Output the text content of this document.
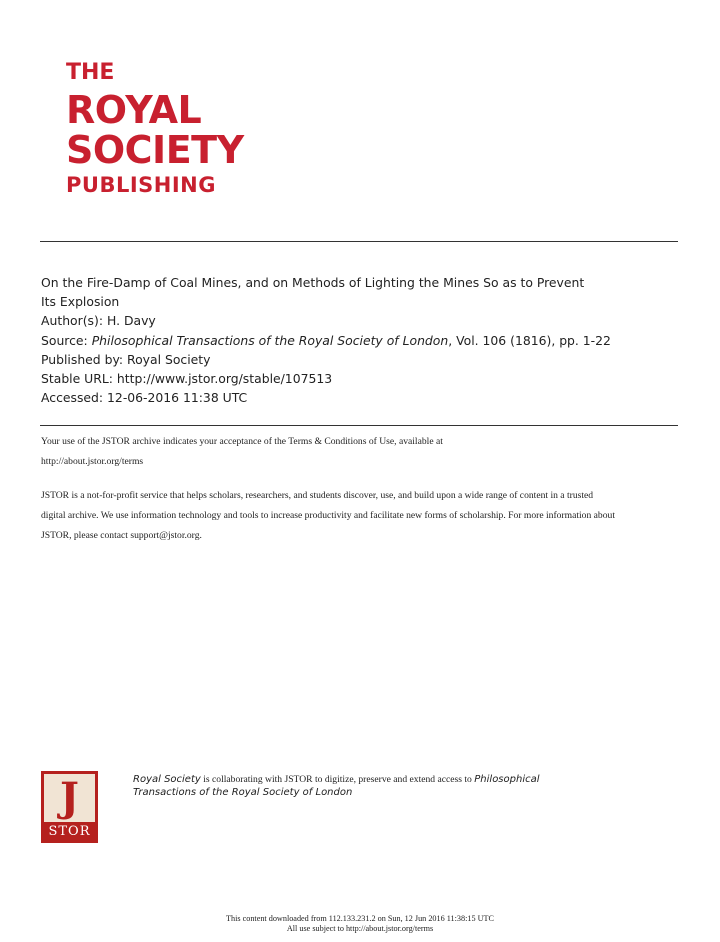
THE
ROYAL
SOCIETY
PUBLISHING
On the Fire-Damp of Coal Mines, and on Methods of Lighting the Mines So as to Prevent
Its Explosion
Author(s): H. Davy
Source: Philosophical Transactions of the Royal Society of London, Vol. 106 (1816), pp. 1-22
Published by: Royal Society
Stable URL: http://www.jstor.org/stable/107513
Accessed: 12-06-2016 11:38 UTC

Your use of the JSTOR archive indicates your acceptance of the Terms & Conditions of Use, available at
http://about.jstor.org/terms

JSTOR is a not-for-profit service that helps scholars, researchers, and students discover, use, and build upon a wide range of content in a trusted
digital archive. We use information technology and tools to increase productivity and facilitate new forms of scholarship. For more information about
JSTOR, please contact support@jstor.org.

J
STOR
Royal Society is collaborating with JSTOR to digitize, preserve and extend access to Philosophical
Transactions of the Royal Society of London
This content downloaded from 112.133.231.2 on Sun, 12 Jun 2016 11:38:15 UTC
All use subject to http://about.jstor.org/terms
